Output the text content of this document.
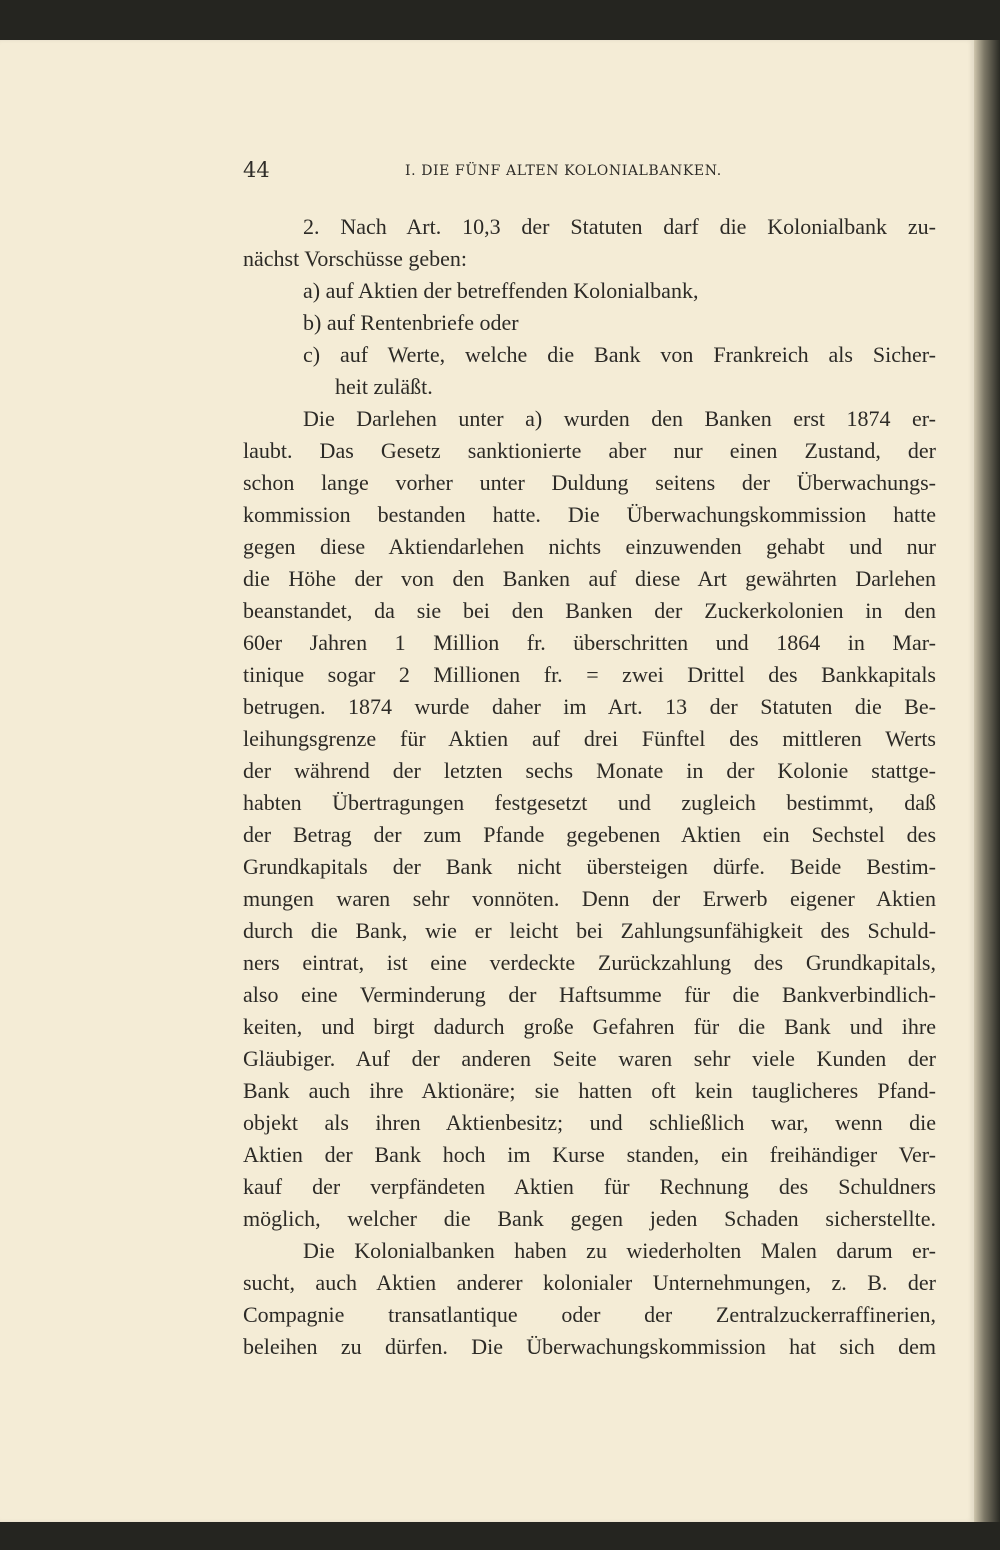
44	I. DIE FÜNF ALTEN KOLONIALBANKEN.
2. Nach Art. 10,3 der Statuten darf die Kolonialbank zu-
nächst Vorschüsse geben:
a) auf Aktien der betreffenden Kolonialbank,
b) auf Rentenbriefe oder
c) auf Werte, welche die Bank von Frankreich als Sicher-
heit zuläßt.
Die Darlehen unter a) wurden den Banken erst 1874 er-
laubt. Das Gesetz sanktionierte aber nur einen Zustand, der
schon lange vorher unter Duldung seitens der Überwachungs-
kommission bestanden hatte. Die Überwachungskommission hatte
gegen diese Aktiendarlehen nichts einzuwenden gehabt und nur
die Höhe der von den Banken auf diese Art gewährten Darlehen
beanstandet, da sie bei den Banken der Zuckerkolonien in den
60er Jahren 1 Million fr. überschritten und 1864 in Mar-
tinique sogar 2 Millionen fr. = zwei Drittel des Bankkapitals
betrugen. 1874 wurde daher im Art. 13 der Statuten die Be-
leihungsgrenze für Aktien auf drei Fünftel des mittleren Werts
der während der letzten sechs Monate in der Kolonie stattge-
habten Übertragungen festgesetzt und zugleich bestimmt, daß
der Betrag der zum Pfande gegebenen Aktien ein Sechstel des
Grundkapitals der Bank nicht übersteigen dürfe. Beide Bestim-
mungen waren sehr vonnöten. Denn der Erwerb eigener Aktien
durch die Bank, wie er leicht bei Zahlungsunfähigkeit des Schuld-
ners eintrat, ist eine verdeckte Zurückzahlung des Grundkapitals,
also eine Verminderung der Haftsumme für die Bankverbindlich-
keiten, und birgt dadurch große Gefahren für die Bank und ihre
Gläubiger. Auf der anderen Seite waren sehr viele Kunden der
Bank auch ihre Aktionäre; sie hatten oft kein tauglicheres Pfand-
objekt als ihren Aktienbesitz; und schließlich war, wenn die
Aktien der Bank hoch im Kurse standen, ein freihändiger Ver-
kauf der verpfändeten Aktien für Rechnung des Schuldners
möglich, welcher die Bank gegen jeden Schaden sicherstellte.
Die Kolonialbanken haben zu wiederholten Malen darum er-
sucht, auch Aktien anderer kolonialer Unternehmungen, z. B. der
Compagnie transatlantique oder der Zentralzuckerraffinerien,
beleihen zu dürfen. Die Überwachungskommission hat sich dem
